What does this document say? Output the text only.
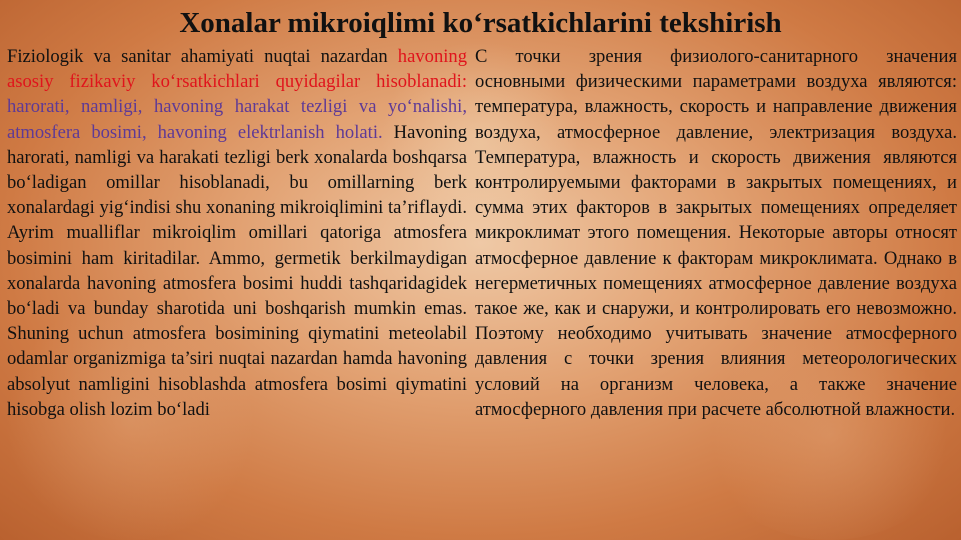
Xonalar mikroiqlimi ko‘rsatkichlarini tekshirish
Fiziologik va sanitar ahamiyati nuqtai nazardan havoning asosiy fizikaviy ko‘rsatkichlari quyidagilar hisoblanadi: harorati, namligi, havoning harakat tezligi va yo‘nalishi, atmosfera bosimi, havoning elektrlanish holati. Havoning harorati, namligi va harakati tezligi berk xonalarda boshqarsa bo‘ladigan omillar hisoblanadi, bu omillarning berk xonalardagi yig‘indisi shu xonaning mikroiqlimini ta’riflaydi. Ayrim mualliflar mikroiqlim omillari qatoriga atmosfera bosimini ham kiritadilar. Ammo, germetik berkilmaydigan xonalarda havoning atmosfera bosimi huddi tashqaridagidek bo‘ladi va bunday sharotida uni boshqarish mumkin emas. Shuning uchun atmosfera bosimining qiymatini meteolabil odamlar organizmiga ta’siri nuqtai nazardan hamda havoning absolyut namligini hisoblashda atmosfera bosimi qiymatini hisobga olish lozim bo‘ladi
С точки зрения физиолого-санитарного значения основными физическими параметрами воздуха являются: температура, влажность, скорость и направление движения воздуха, атмосферное давление, электризация воздуха. Температура, влажность и скорость движения являются контролируемыми факторами в закрытых помещениях, и сумма этих факторов в закрытых помещениях определяет микроклимат этого помещения. Некоторые авторы относят атмосферное давление к факторам микроклимата. Однако в негерметичных помещениях атмосферное давление воздуха такое же, как и снаружи, и контролировать его невозможно. Поэтому необходимо учитывать значение атмосферного давления с точки зрения влияния метеорологических условий на организм человека, а также значение атмосферного давления при расчете абсолютной влажности.
